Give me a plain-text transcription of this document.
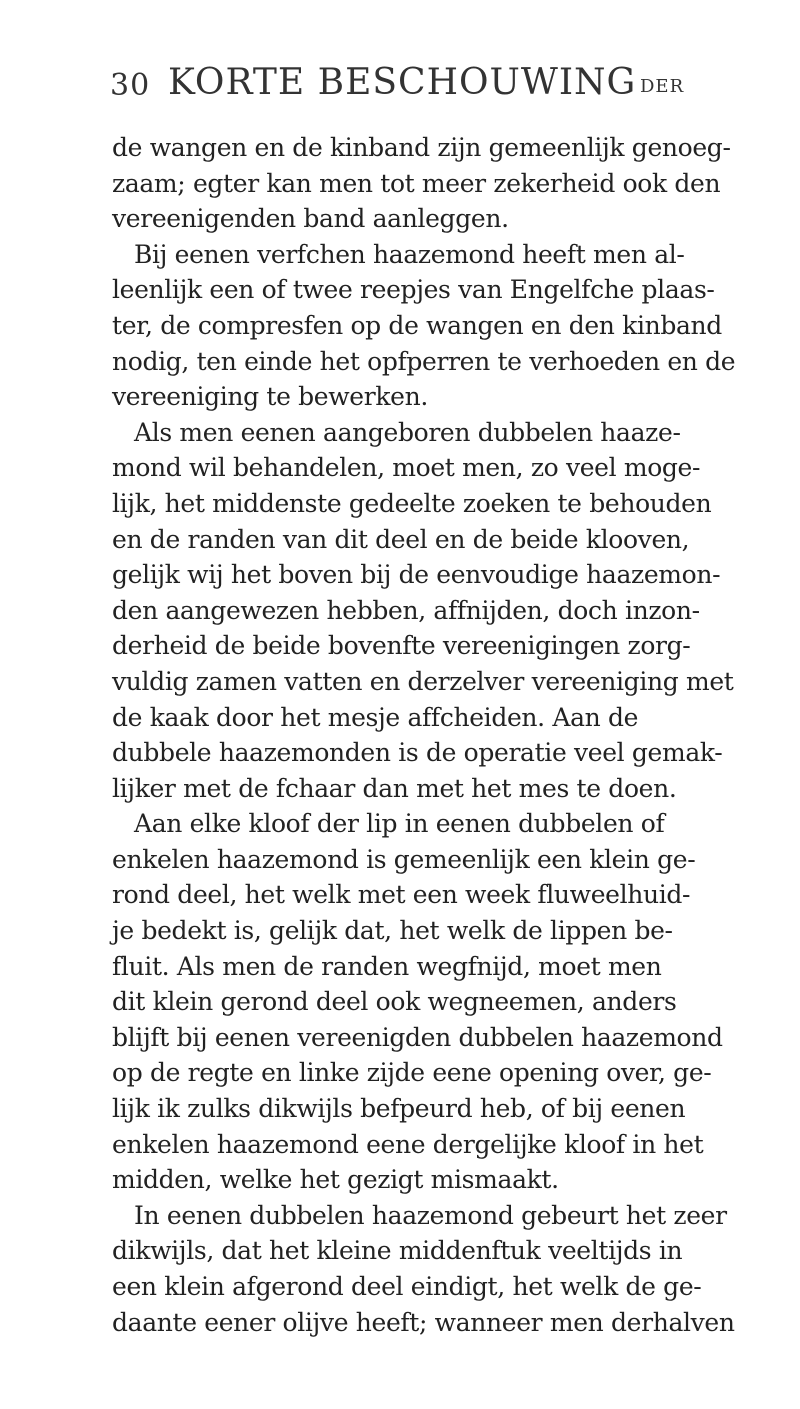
30 KORTE BESCHOUWING DER
de wangen en de kinband zijn gemeenlijk genoeg-
zaam; egter kan men tot meer zekerheid ook den
vereenigenden band aanleggen.
Bij eenen verfchen haazemond heeft men al-
leenlijk een of twee reepjes van Engelfche plaas-
ter, de compresfen op de wangen en den kinband
nodig, ten einde het opfperren te verhoeden en de
vereeniging te bewerken.
Als men eenen aangeboren dubbelen haaze-
mond wil behandelen, moet men, zo veel moge-
lijk, het middenste gedeelte zoeken te behouden
en de randen van dit deel en de beide klooven,
gelijk wij het boven bij de eenvoudige haazemon-
den aangewezen hebben, affnijden, doch inzon-
derheid de beide bovenfte vereenigingen zorg-
vuldig zamen vatten en derzelver vereeniging met
de kaak door het mesje affcheiden. Aan de
dubbele haazemonden is de operatie veel gemak-
lijker met de fchaar dan met het mes te doen.
Aan elke kloof der lip in eenen dubbelen of
enkelen haazemond is gemeenlijk een klein ge-
rond deel, het welk met een week fluweelhuid-
je bedekt is, gelijk dat, het welk de lippen be-
fluit. Als men de randen wegfnijd, moet men
dit klein gerond deel ook wegneemen, anders
blijft bij eenen vereenigden dubbelen haazemond
op de regte en linke zijde eene opening over, ge-
lijk ik zulks dikwijls befpeurd heb, of bij eenen
enkelen haazemond eene dergelijke kloof in het
midden, welke het gezigt mismaakt.
In eenen dubbelen haazemond gebeurt het zeer
dikwijls, dat het kleine middenftuk veeltijds in
een klein afgerond deel eindigt, het welk de ge-
daante eener olijve heeft; wanneer men derhalven
